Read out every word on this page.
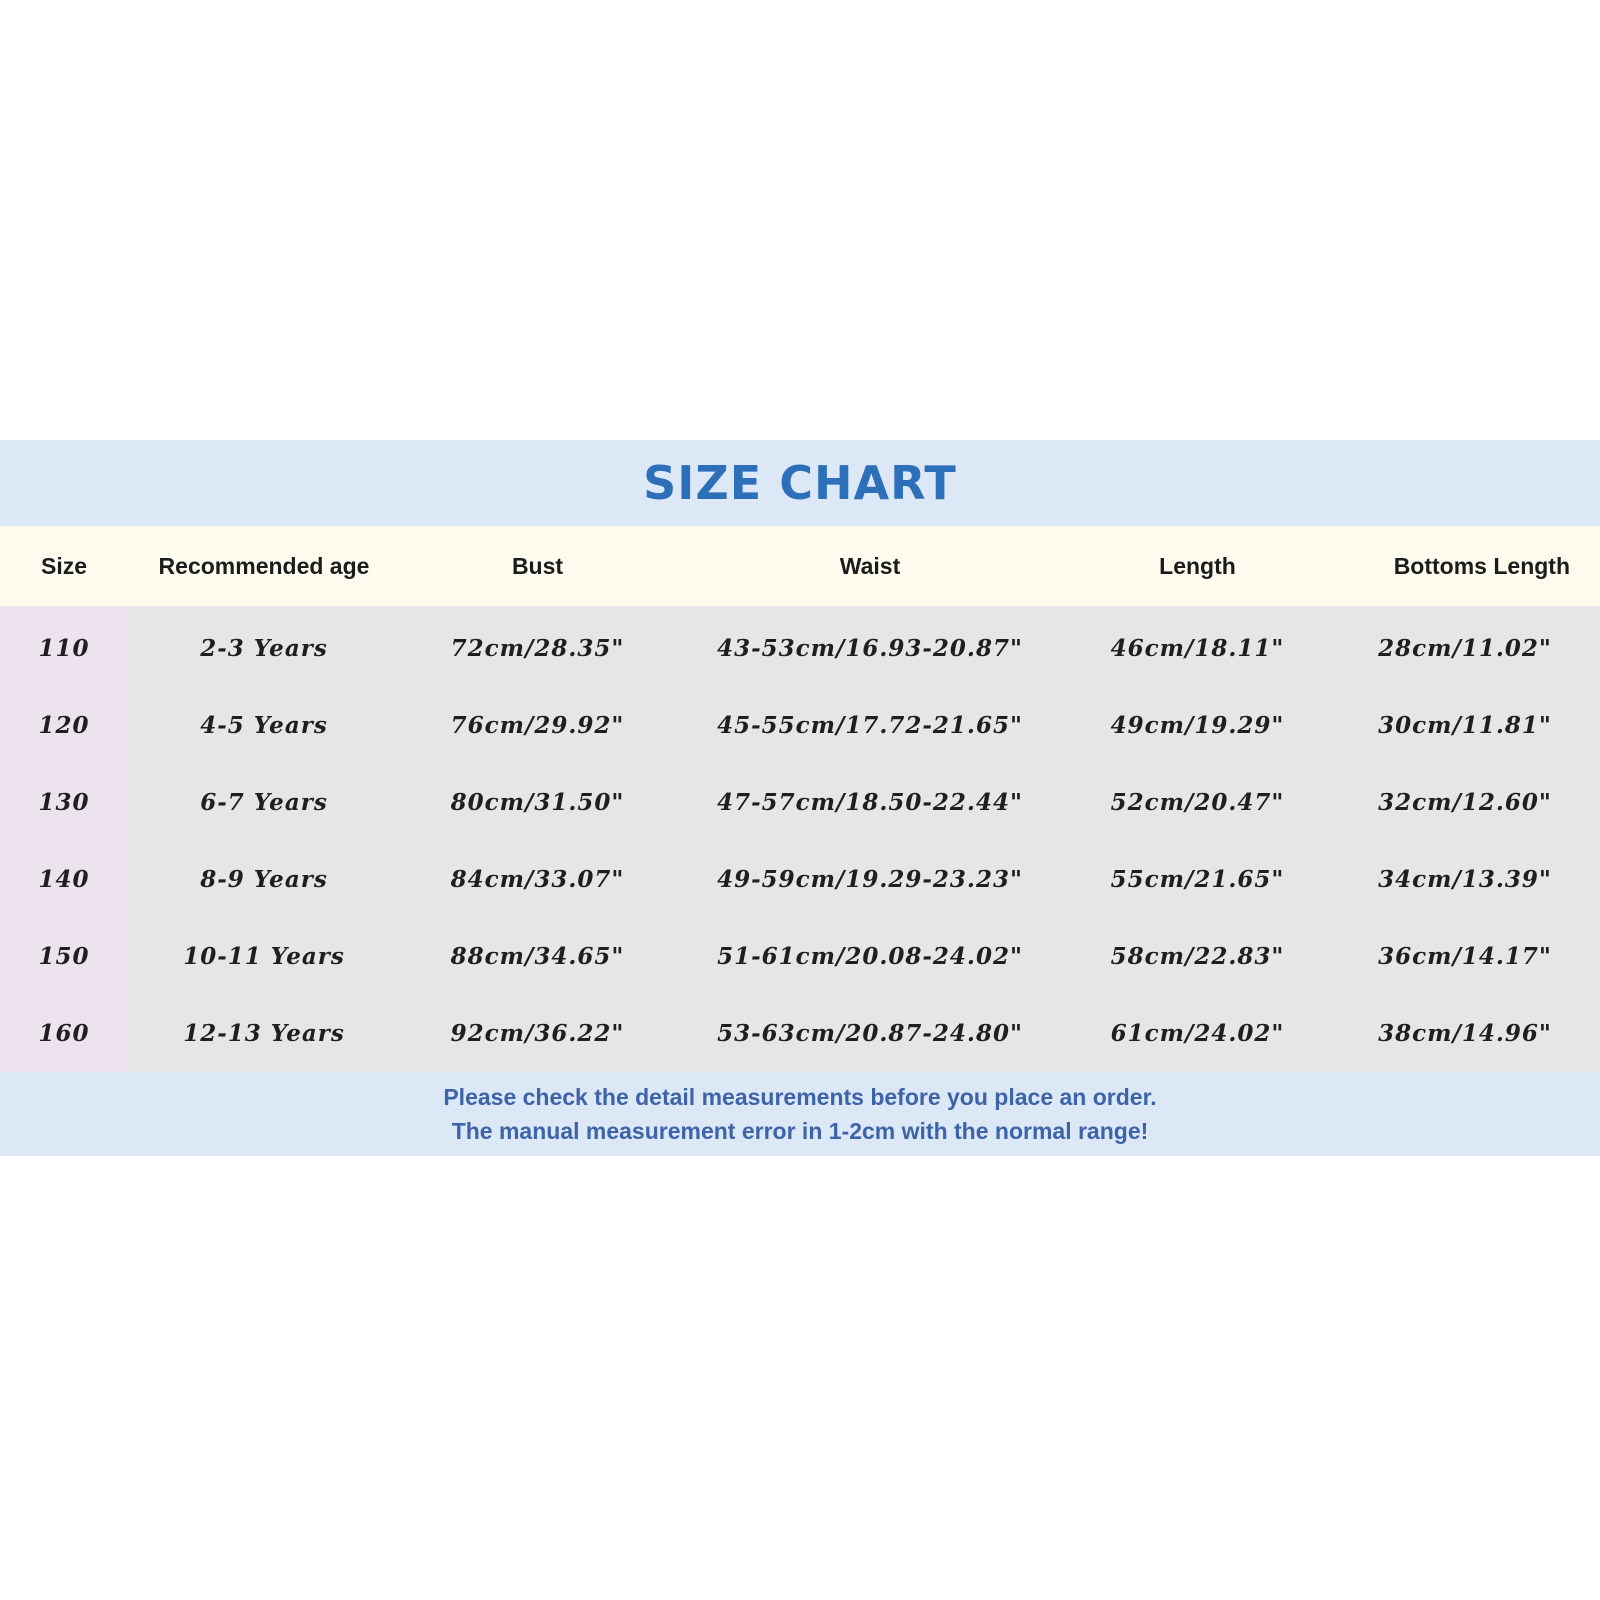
SIZE CHART
Size	Recommended age	Bust	Waist	Length	Bottoms Length
110	2-3 Years	72cm/28.35"	43-53cm/16.93-20.87"	46cm/18.11"	28cm/11.02"
120	4-5 Years	76cm/29.92"	45-55cm/17.72-21.65"	49cm/19.29"	30cm/11.81"
130	6-7 Years	80cm/31.50"	47-57cm/18.50-22.44"	52cm/20.47"	32cm/12.60"
140	8-9 Years	84cm/33.07"	49-59cm/19.29-23.23"	55cm/21.65"	34cm/13.39"
150	10-11 Years	88cm/34.65"	51-61cm/20.08-24.02"	58cm/22.83"	36cm/14.17"
160	12-13 Years	92cm/36.22"	53-63cm/20.87-24.80"	61cm/24.02"	38cm/14.96"
Please check the detail measurements before you place an order.
The manual measurement error in 1-2cm with the normal range!
